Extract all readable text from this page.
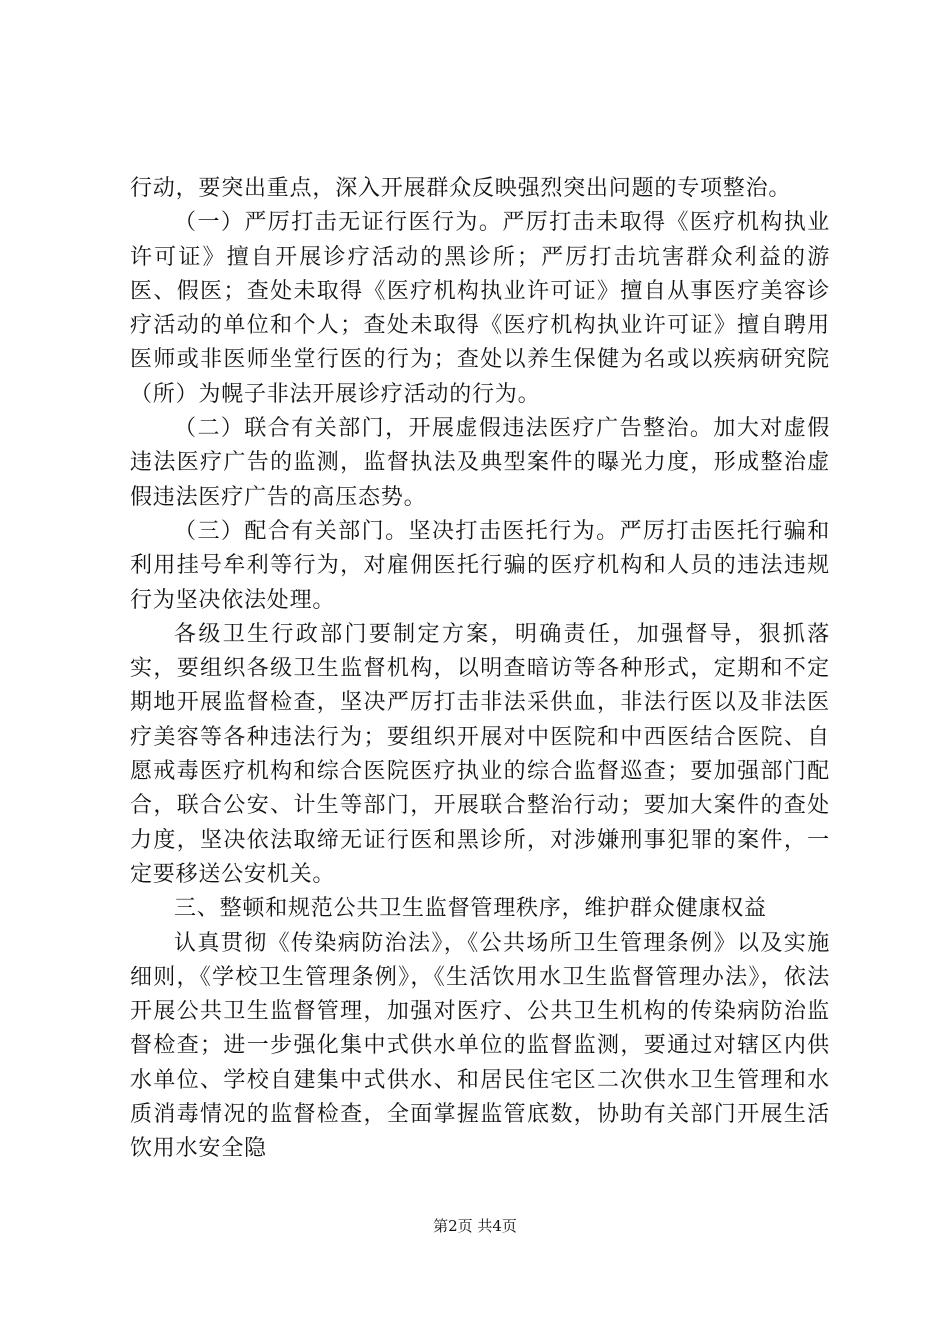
行动，要突出重点，深入开展群众反映强烈突出问题的专项整治。

（一）严厉打击无证行医行为。严厉打击未取得《医疗机构执业许可证》擅自开展诊疗活动的黑诊所；严厉打击坑害群众利益的游医、假医；查处未取得《医疗机构执业许可证》擅自从事医疗美容诊疗活动的单位和个人；查处未取得《医疗机构执业许可证》擅自聘用医师或非医师坐堂行医的行为；查处以养生保健为名或以疾病研究院（所）为幌子非法开展诊疗活动的行为。

（二）联合有关部门，开展虚假违法医疗广告整治。加大对虚假违法医疗广告的监测，监督执法及典型案件的曝光力度，形成整治虚假违法医疗广告的高压态势。

（三）配合有关部门。坚决打击医托行为。严厉打击医托行骗和利用挂号牟利等行为，对雇佣医托行骗的医疗机构和人员的违法违规行为坚决依法处理。

各级卫生行政部门要制定方案，明确责任，加强督导，狠抓落实，要组织各级卫生监督机构，以明查暗访等各种形式，定期和不定期地开展监督检查，坚决严厉打击非法采供血，非法行医以及非法医疗美容等各种违法行为；要组织开展对中医院和中西医结合医院、自愿戒毒医疗机构和综合医院医疗执业的综合监督巡查；要加强部门配合，联合公安、计生等部门，开展联合整治行动；要加大案件的查处力度，坚决依法取缔无证行医和黑诊所，对涉嫌刑事犯罪的案件，一定要移送公安机关。

三、整顿和规范公共卫生监督管理秩序，维护群众健康权益

认真贯彻《传染病防治法》，《公共场所卫生管理条例》以及实施细则，《学校卫生管理条例》，《生活饮用水卫生监督管理办法》，依法开展公共卫生监督管理，加强对医疗、公共卫生机构的传染病防治监督检查；进一步强化集中式供水单位的监督监测，要通过对辖区内供水单位、学校自建集中式供水、和居民住宅区二次供水卫生管理和水质消毒情况的监督检查，全面掌握监管底数，协助有关部门开展生活饮用水安全隐

第2页 共4页
